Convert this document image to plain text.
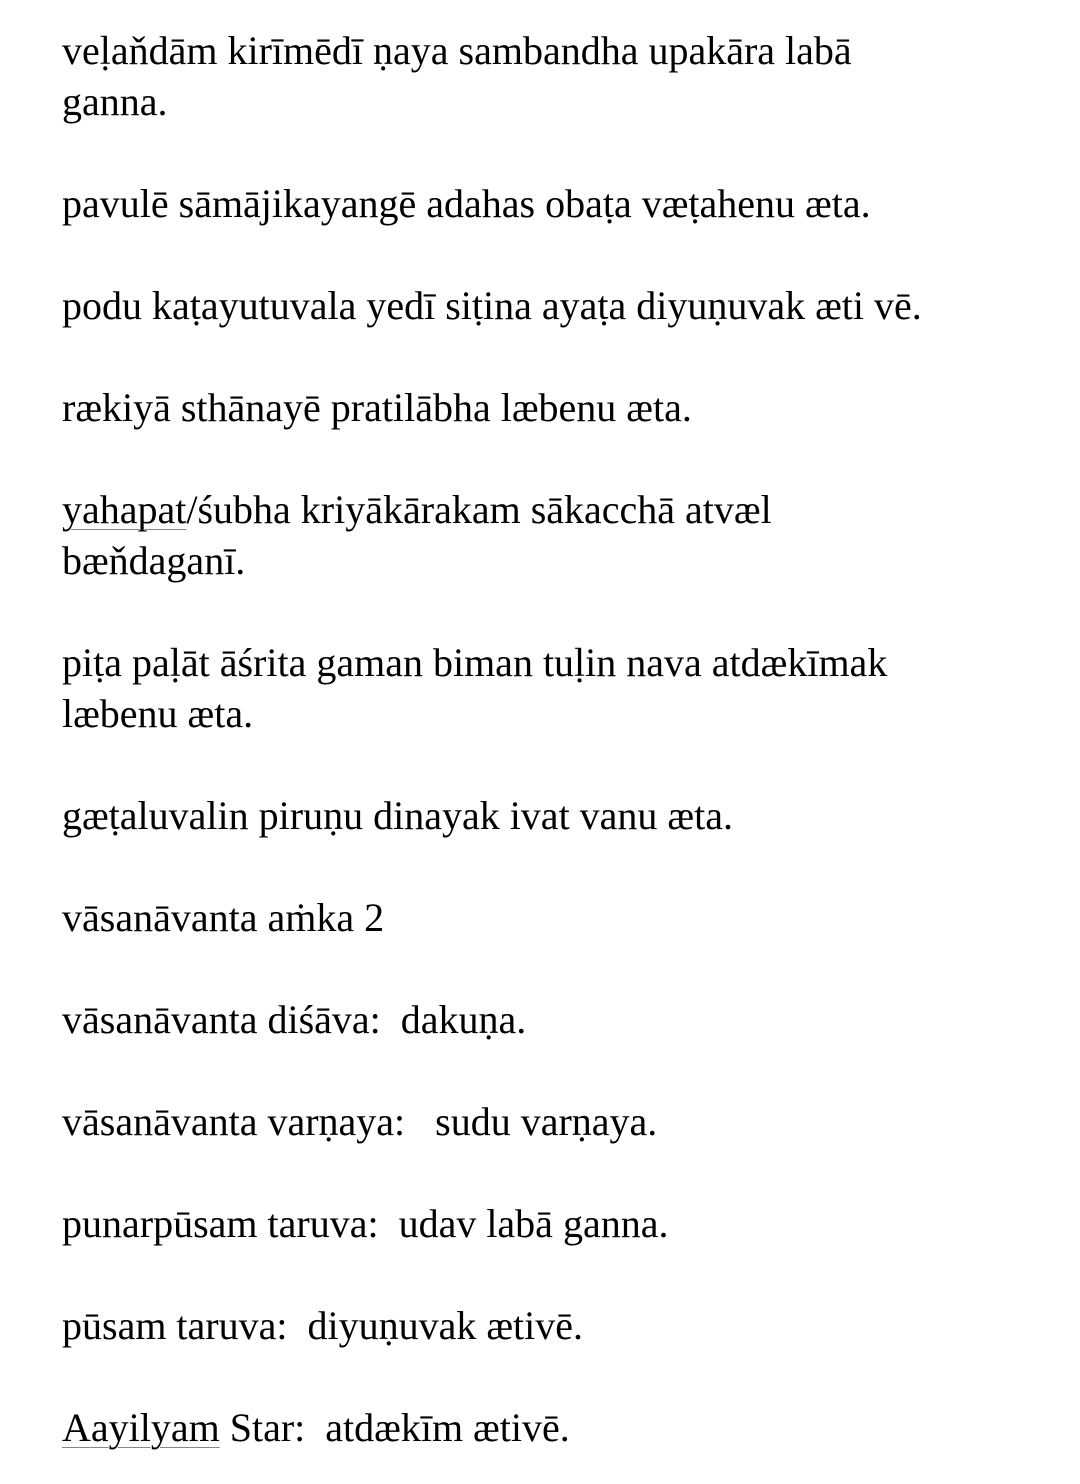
veḷaňdām kirīmēdī ṇaya sambandha upakāra labā
ganna.

pavulē sāmājikayangē adahas obaṭa væṭahenu æta.

podu kaṭayutuvala yedī siṭina ayaṭa diyuṇuvak æti vē.

rækiyā sthānayē pratilābha læbenu æta.

yahapat/śubha kriyākārakam sākacchā atvæl
bæňdaganī.

piṭa paḷāt āśrita gaman biman tuḷin nava atdækīmak
læbenu æta.

gæṭaluvalin piruṇu dinayak ivat vanu æta.

vāsanāvanta aṁka 2

vāsanāvanta diśāva:  dakuṇa.

vāsanāvanta varṇaya:   sudu varṇaya.

punarpūsam taruva:  udav labā ganna.

pūsam taruva:  diyuṇuvak ætivē.

Aayilyam Star:  atdækīm ætivē.
